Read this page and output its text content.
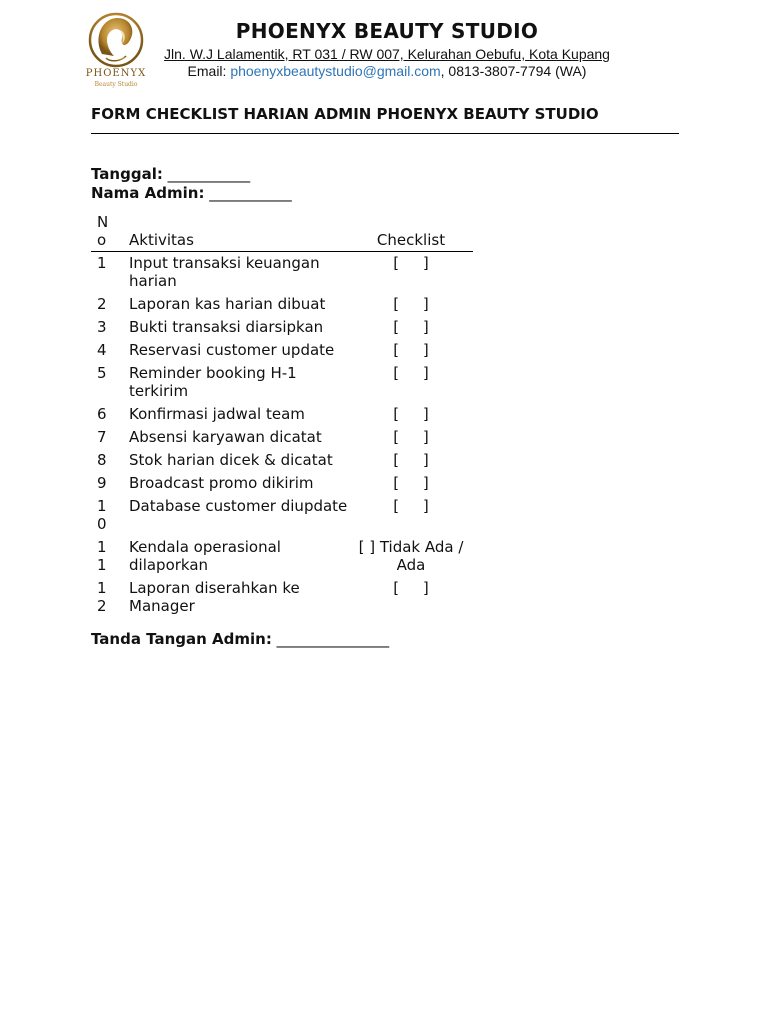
PHOENYX
Beauty Studio
PHOENYX BEAUTY STUDIO
Jln. W.J Lalamentik, RT 031 / RW 007, Kelurahan Oebufu, Kota Kupang
Email: phoenyxbeautystudio@gmail.com, 0813-3807-7794 (WA)
FORM CHECKLIST HARIAN ADMIN PHOENYX BEAUTY STUDIO
Tanggal: ___________
Nama Admin: ___________
No	Aktivitas	Checklist
1	Input transaksi keuangan harian	[     ]
2	Laporan kas harian dibuat	[     ]
3	Bukti transaksi diarsipkan	[     ]
4	Reservasi customer update	[     ]
5	Reminder booking H-1 terkirim	[     ]
6	Konfirmasi jadwal team	[     ]
7	Absensi karyawan dicatat	[     ]
8	Stok harian dicek & dicatat	[     ]
9	Broadcast promo dikirim	[     ]
10	Database customer diupdate	[     ]
11	Kendala operasional dilaporkan	[ ] Tidak Ada / Ada
12	Laporan diserahkan ke Manager	[     ]
Tanda Tangan Admin: _______________
